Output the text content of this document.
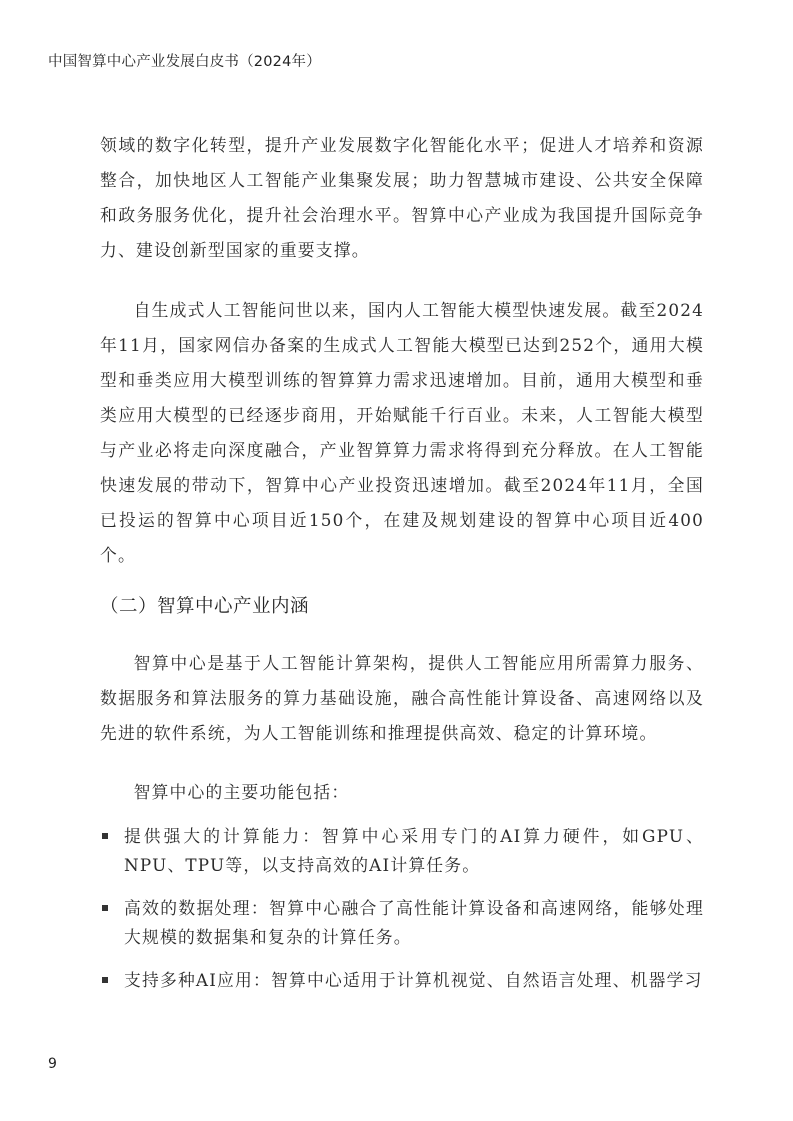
中国智算中心产业发展白皮书（2024年）

领域的数字化转型，提升产业发展数字化智能化水平；促进人才培养和资源整合，加快地区人工智能产业集聚发展；助力智慧城市建设、公共安全保障和政务服务优化，提升社会治理水平。智算中心产业成为我国提升国际竞争力、建设创新型国家的重要支撑。

自生成式人工智能问世以来，国内人工智能大模型快速发展。截至2024年11月，国家网信办备案的生成式人工智能大模型已达到252个，通用大模型和垂类应用大模型训练的智算算力需求迅速增加。目前，通用大模型和垂类应用大模型的已经逐步商用，开始赋能千行百业。未来，人工智能大模型与产业必将走向深度融合，产业智算算力需求将得到充分释放。在人工智能快速发展的带动下，智算中心产业投资迅速增加。截至2024年11月，全国已投运的智算中心项目近150个，在建及规划建设的智算中心项目近400个。

（二）智算中心产业内涵

智算中心是基于人工智能计算架构，提供人工智能应用所需算力服务、数据服务和算法服务的算力基础设施，融合高性能计算设备、高速网络以及先进的软件系统，为人工智能训练和推理提供高效、稳定的计算环境。

智算中心的主要功能包括：

提供强大的计算能力：智算中心采用专门的AI算力硬件，如GPU、NPU、TPU等，以支持高效的AI计算任务。
高效的数据处理：智算中心融合了高性能计算设备和高速网络，能够处理大规模的数据集和复杂的计算任务。
支持多种AI应用：智算中心适用于计算机视觉、自然语言处理、机器学习
9
